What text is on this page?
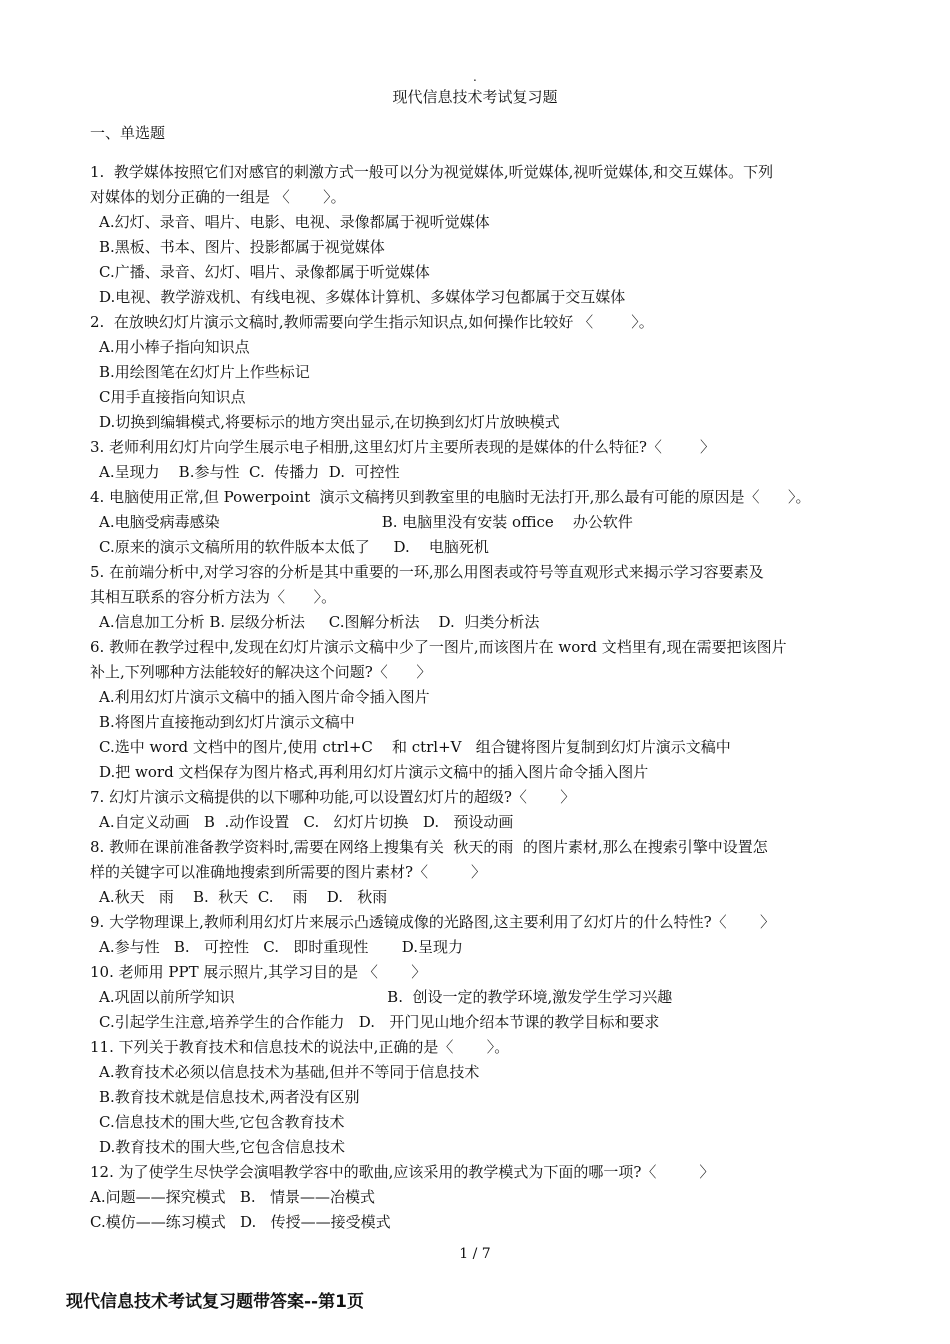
.
现代信息技术考试复习题
一、单选题
1.  教学媒体按照它们对感官的刺激方式一般可以分为视觉媒体,听觉媒体,视听觉媒体,和交互媒体。下列
对媒体的划分正确的一组是 〈       〉。
A.幻灯、录音、唱片、电影、电视、录像都属于视听觉媒体
B.黑板、书本、图片、投影都属于视觉媒体
C.广播、录音、幻灯、唱片、录像都属于听觉媒体
D.电视、教学游戏机、有线电视、多媒体计算机、多媒体学习包都属于交互媒体
2.  在放映幻灯片演示文稿时,教师需要向学生指示知识点,如何操作比较好 〈        〉。
A.用小棒子指向知识点
B.用绘图笔在幻灯片上作些标记
C用手直接指向知识点
D.切换到编辑模式,将要标示的地方突出显示,在切换到幻灯片放映模式
3. 老师利用幻灯片向学生展示电子相册,这里幻灯片主要所表现的是媒体的什么特征?〈        〉
A.呈现力    B.参与性  C.  传播力  D.  可控性
4. 电脑使用正常,但 Powerpoint  演示文稿拷贝到教室里的电脑时无法打开,那么最有可能的原因是〈      〉。
A.电脑受病毒感染                                  B. 电脑里没有安装 office    办公软件
C.原来的演示文稿所用的软件版本太低了     D.    电脑死机
5. 在前端分析中,对学习容的分析是其中重要的一环,那么用图表或符号等直观形式来揭示学习容要素及
其相互联系的容分析方法为〈      〉。
A.信息加工分析 B. 层级分析法     C.图解分析法    D.  归类分析法
6. 教师在教学过程中,发现在幻灯片演示文稿中少了一图片,而该图片在 word 文档里有,现在需要把该图片
补上,下列哪种方法能较好的解决这个问题?〈      〉
A.利用幻灯片演示文稿中的插入图片命令插入图片
B.将图片直接拖动到幻灯片演示文稿中
C.选中 word 文档中的图片,使用 ctrl+C    和 ctrl+V   组合键将图片复制到幻灯片演示文稿中
D.把 word 文档保存为图片格式,再利用幻灯片演示文稿中的插入图片命令插入图片
7. 幻灯片演示文稿提供的以下哪种功能,可以设置幻灯片的超级?〈       〉
A.自定义动画   B  .动作设置   C.   幻灯片切换   D.   预设动画
8. 教师在课前准备教学资料时,需要在网络上搜集有关  秋天的雨  的图片素材,那么在搜索引擎中设置怎
样的关键字可以准确地搜索到所需要的图片素材?〈         〉
A.秋天   雨    B.  秋天  C.    雨    D.   秋雨
9. 大学物理课上,教师利用幻灯片来展示凸透镜成像的光路图,这主要利用了幻灯片的什么特性?〈       〉
A.参与性   B.   可控性   C.   即时重现性       D.呈现力
10. 老师用 PPT 展示照片,其学习目的是 〈       〉
A.巩固以前所学知识                                B.  创设一定的教学环境,激发学生学习兴趣
C.引起学生注意,培养学生的合作能力   D.   开门见山地介绍本节课的教学目标和要求
11. 下列关于教育技术和信息技术的说法中,正确的是〈       〉。
A.教育技术必须以信息技术为基础,但并不等同于信息技术
B.教育技术就是信息技术,两者没有区别
C.信息技术的围大些,它包含教育技术
D.教育技术的围大些,它包含信息技术
12. 为了使学生尽快学会演唱教学容中的歌曲,应该采用的教学模式为下面的哪一项?〈         〉
A.问题——探究模式   B.   情景——冶模式
C.模仿——练习模式   D.   传授——接受模式
1 / 7
现代信息技术考试复习题带答案--第1页
